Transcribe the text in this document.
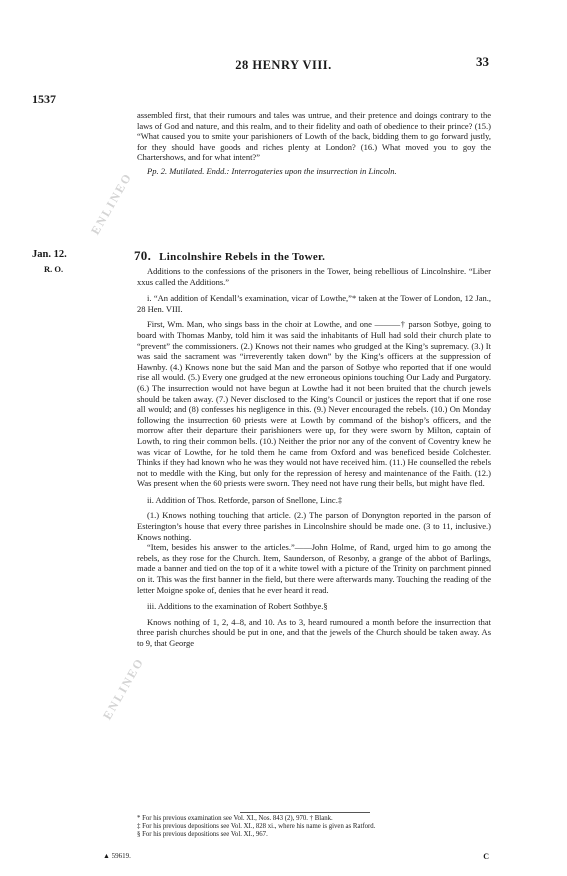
ENLINEO
ENLINEO
28 HENRY VIII.	33
1537

assembled first, that their rumours and tales was untrue, and their pretence and doings contrary to the laws of God and nature, and this realm, and to their fidelity and oath of obedience to their prince? (15.) “What caused you to smite your parishioners of Lowth of the back, bidding them to go forward justly, for they should have goods and riches plenty at London? (16.) What moved you to goy the Chartershows, and for what intent?”

Pp. 2. Mutilated. Endd.: Interrogateries upon the insurrection in Lincoln.

Jan. 12.
R. O.
70. Lincolnshire Rebels in the Tower.

Additions to the confessions of the prisoners in the Tower, being rebellious of Lincolnshire. “Liber xxus called the Additions.”

i. “An addition of Kendall’s examination, vicar of Lowthe,”* taken at the Tower of London, 12 Jan., 28 Hen. VIII.

First, Wm. Man, who sings bass in the choir at Lowthe, and one ———† parson Sotbye, going to board with Thomas Manby, told him it was said the inhabitants of Hull had sold their church plate to “prevent” the commissioners. (2.) Knows not their names who grudged at the King’s supremacy. (3.) It was said the sacrament was “irreverently taken down” by the King’s officers at the suppression of Hawnby. (4.) Knows none but the said Man and the parson of Sotbye who reported that if one would rise all would. (5.) Every one grudged at the new erroneous opinions touching Our Lady and Purgatory. (6.) The insurrection would not have begun at Lowthe had it not been bruited that the church jewels should be taken away. (7.) Never disclosed to the King’s Council or justices the report that if one rose all would; and (8) confesses his negligence in this. (9.) Never encouraged the rebels. (10.) On Monday following the insurrection 60 priests were at Lowth by command of the bishop’s officers, and the morrow after their departure their parishioners were up, for they were sworn by Milton, captain of Lowth, to ring their common bells. (10.) Neither the prior nor any of the convent of Coventry knew he was vicar of Lowthe, for he told them he came from Oxford and was beneficed beside Colchester. Thinks if they had known who he was they would not have received him. (11.) He counselled the rebels not to meddle with the King, but only for the repression of heresy and maintenance of the Faith. (12.) Was present when the 60 priests were sworn. They need not have rung their bells, but might have fled.

ii. Addition of Thos. Retforde, parson of Snellone, Linc.‡

(1.) Knows nothing touching that article. (2.) The parson of Donyngton reported in the parson of Esterington’s house that every three parishes in Lincolnshire should be made one. (3 to 11, inclusive.) Knows nothing.

“Item, besides his answer to the articles.”——John Holme, of Rand, urged him to go among the rebels, as they rose for the Church. Item, Saunderson, of Resonby, a grange of the abbot of Barlings, made a banner and tied on the top of it a white towel with a picture of the Trinity on parchment pinned on it. This was the first banner in the field, but there were afterwards many. Touching the reading of the letter Moigne spoke of, denies that he ever heard it read.

iii. Additions to the examination of Robert Sothbye.§

Knows nothing of 1, 2, 4–8, and 10. As to 3, heard rumoured a month before the insurrection that three parish churches should be put in one, and that the jewels of the Church should be taken away. As to 9, that George

* For his previous examination see Vol. XI., Nos. 843 (2), 970. † Blank.

‡ For his previous depositions see Vol. XI., 828 xi., where his name is given as Ratford.

§ For his previous depositions see Vol. XI., 967.

▲ 59619.	C
